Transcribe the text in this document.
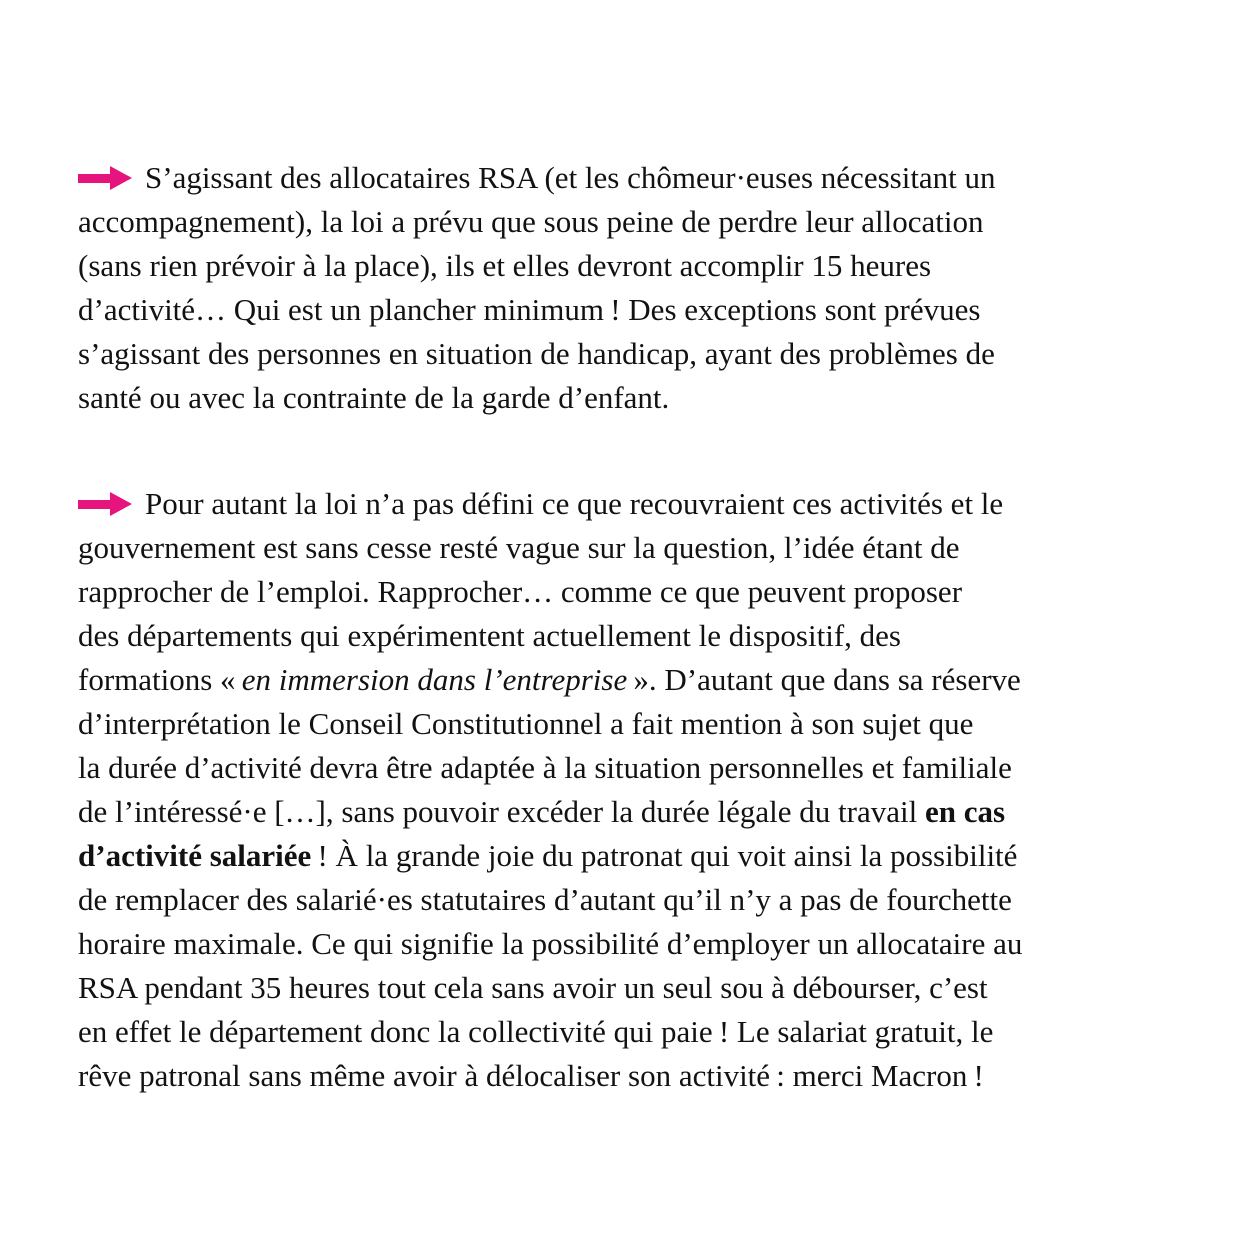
S’agissant des allocataires RSA (et les chômeur·euses nécessitant un
accompagnement), la loi a prévu que sous peine de perdre leur allocation
(sans rien prévoir à la place), ils et elles devront accomplir 15 heures
d’activité… Qui est un plancher minimum ! Des exceptions sont prévues
s’agissant des personnes en situation de handicap, ayant des problèmes de
santé ou avec la contrainte de la garde d’enfant.
Pour autant la loi n’a pas défini ce que recouvraient ces activités et le
gouvernement est sans cesse resté vague sur la question, l’idée étant de
rapprocher de l’emploi. Rapprocher… comme ce que peuvent proposer
des départements qui expérimentent actuellement le dispositif, des
formations « en immersion dans l’entreprise ». D’autant que dans sa réserve
d’interprétation le Conseil Constitutionnel a fait mention à son sujet que
la durée d’activité devra être adaptée à la situation personnelles et familiale
de l’intéressé·e […], sans pouvoir excéder la durée légale du travail en cas
d’activité salariée ! À la grande joie du patronat qui voit ainsi la possibilité
de remplacer des salarié·es statutaires d’autant qu’il n’y a pas de fourchette
horaire maximale. Ce qui signifie la possibilité d’employer un allocataire au
RSA pendant 35 heures tout cela sans avoir un seul sou à débourser, c’est
en effet le département donc la collectivité qui paie ! Le salariat gratuit, le
rêve patronal sans même avoir à délocaliser son activité : merci Macron !
